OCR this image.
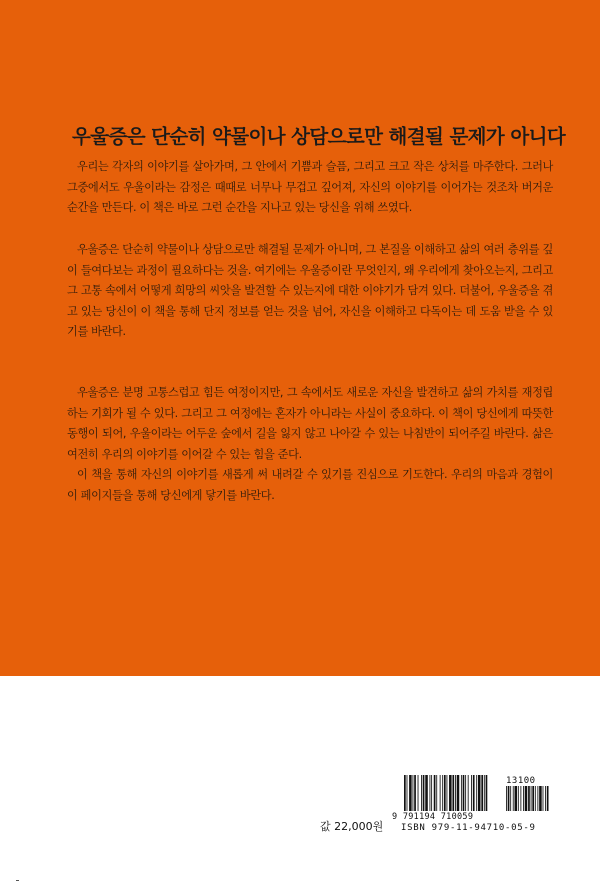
우울증은 단순히 약물이나 상담으로만 해결될 문제가 아니다

우리는 각자의 이야기를 살아가며, 그 안에서 기쁨과 슬픔, 그리고 크고 작은 상처를 마주한다. 그러나 그중에서도 우울이라는 감정은 때때로 너무나 무겁고 깊어져, 자신의 이야기를 이어가는 것조차 버거운 순간을 만든다. 이 책은 바로 그런 순간을 지나고 있는 당신을 위해 쓰였다.

우울증은 단순히 약물이나 상담으로만 해결될 문제가 아니며, 그 본질을 이해하고 삶의 여러 층위를 깊이 들여다보는 과정이 필요하다는 것을. 여기에는 우울증이란 무엇인지, 왜 우리에게 찾아오는지, 그리고 그 고통 속에서 어떻게 희망의 씨앗을 발견할 수 있는지에 대한 이야기가 담겨 있다. 더불어, 우울증을 겪고 있는 당신이 이 책을 통해 단지 정보를 얻는 것을 넘어, 자신을 이해하고 다독이는 데 도움 받을 수 있기를 바란다.

우울증은 분명 고통스럽고 힘든 여정이지만, 그 속에서도 새로운 자신을 발견하고 삶의 가치를 재정립하는 기회가 될 수 있다. 그리고 그 여정에는 혼자가 아니라는 사실이 중요하다. 이 책이 당신에게 따뜻한 동행이 되어, 우울이라는 어두운 숲에서 길을 잃지 않고 나아갈 수 있는 나침반이 되어주길 바란다. 삶은 여전히 우리의 이야기를 이어갈 수 있는 힘을 준다.

이 책을 통해 자신의 이야기를 새롭게 써 내려갈 수 있기를 진심으로 기도한다. 우리의 마음과 경험이 이 페이지들을 통해 당신에게 닿기를 바란다.

값 22,000원
13100
9 791194 710059
ISBN 979-11-94710-05-9
